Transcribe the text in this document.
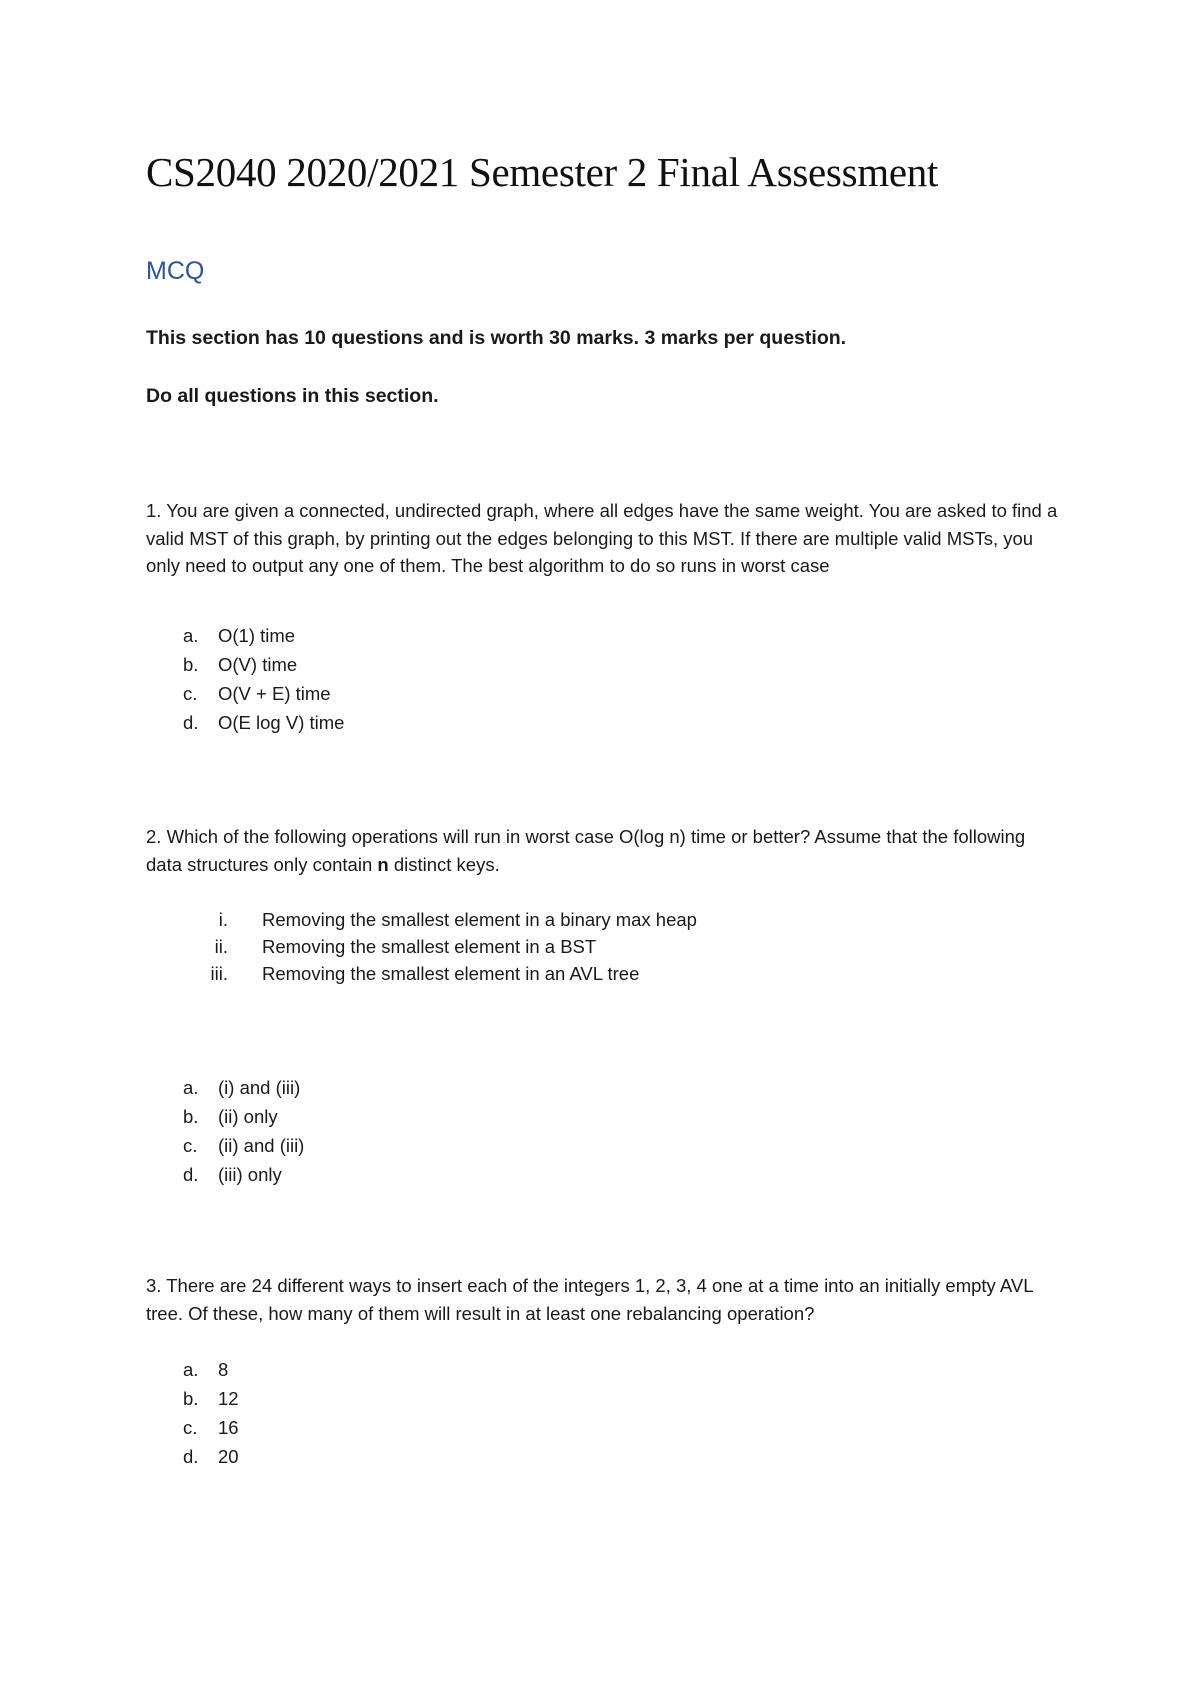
CS2040 2020/2021 Semester 2 Final Assessment
MCQ

This section has 10 questions and is worth 30 marks. 3 marks per question.

Do all questions in this section.

1. You are given a connected, undirected graph, where all edges have the same weight. You are asked to find a valid MST of this graph, by printing out the edges belonging to this MST. If there are multiple valid MSTs, you only need to output any one of them. The best algorithm to do so runs in worst case

a. O(1) time
b. O(V) time
c.	O(V + E) time
d. O(E log V) time

2. Which of the following operations will run in worst case O(log n) time or better? Assume that the following data structures only contain n distinct keys.

i. Removing the smallest element in a binary max heap
ii. Removing the smallest element in a BST
iii. Removing the smallest element in an AVL tree
a. (i) and (iii)
b. (ii) only
c.	(ii) and (iii)
d. (iii) only

3. There are 24 different ways to insert each of the integers 1, 2, 3, 4 one at a time into an initially empty AVL tree. Of these, how many of them will result in at least one rebalancing operation?

a. 8
b. 12
c.	16
d. 20
